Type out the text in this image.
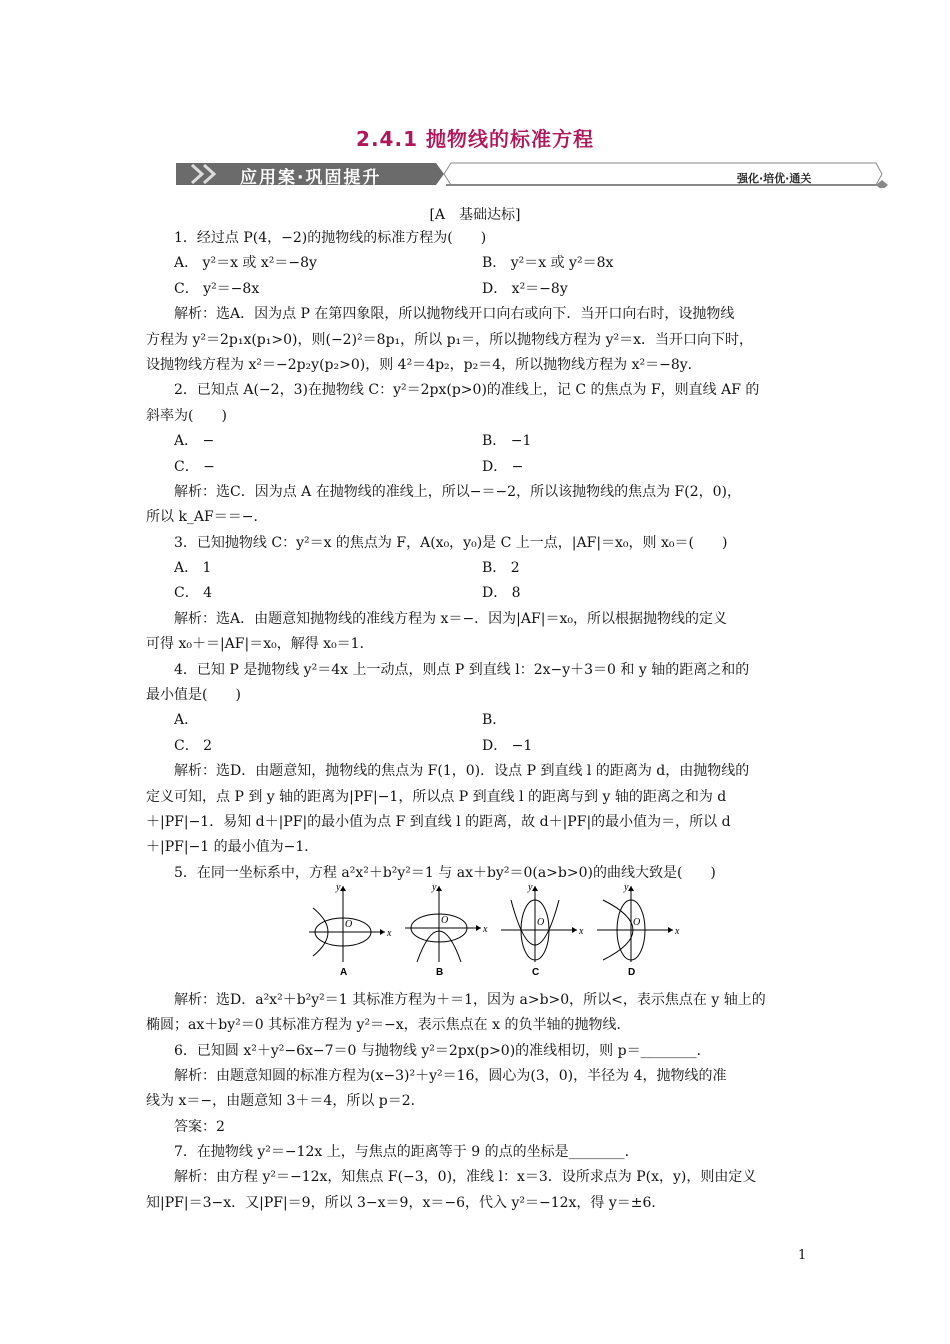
2.4.1 抛物线的标准方程
应用案·巩固提升	强化·培优·通关
[A　基础达标]
1．经过点 P(4，−2)的抛物线的标准方程为(　　)
A． y²＝x 或 x²＝−8y	B． y²＝x 或 y²＝8x
C． y²＝−8x	D． x²＝−8y
解析：选A．因为点 P 在第四象限，所以抛物线开口向右或向下．当开口向右时，设抛物线
方程为 y²＝2p₁x(p₁>0)，则(−2)²＝8p₁，所以 p₁＝，所以抛物线方程为 y²＝x．当开口向下时，
设抛物线方程为 x²＝−2p₂y(p₂>0)，则 4²＝4p₂，p₂＝4，所以抛物线方程为 x²＝−8y．
2．已知点 A(−2，3)在抛物线 C：y²＝2px(p>0)的准线上，记 C 的焦点为 F，则直线 AF 的
斜率为(　　)
A． −	B． −1
C． −	D． −
解析：选C．因为点 A 在抛物线的准线上，所以−＝−2，所以该抛物线的焦点为 F(2，0)，
所以 k_AF＝＝−．
3．已知抛物线 C：y²＝x 的焦点为 F，A(x₀，y₀)是 C 上一点，|AF|＝x₀，则 x₀＝(　　)
A． 1	B． 2
C． 4	D． 8
解析：选A．由题意知抛物线的准线方程为 x＝−．因为|AF|＝x₀，所以根据抛物线的定义
可得 x₀＋＝|AF|＝x₀，解得 x₀＝1．
4．已知 P 是抛物线 y²＝4x 上一动点，则点 P 到直线 l：2x−y＋3＝0 和 y 轴的距离之和的
最小值是(　　)
A．	B．
C． 2	D． −1
解析：选D．由题意知，抛物线的焦点为 F(1，0)．设点 P 到直线 l 的距离为 d，由抛物线的
定义可知，点 P 到 y 轴的距离为|PF|−1，所以点 P 到直线 l 的距离与到 y 轴的距离之和为 d
＋|PF|−1．易知 d＋|PF|的最小值为点 F 到直线 l 的距离，故 d＋|PF|的最小值为＝，所以 d
＋|PF|−1 的最小值为−1．
5．在同一坐标系中，方程 a²x²＋b²y²＝1 与 ax＋by²＝0(a>b>0)的曲线大致是(　　)
解析：选D．a²x²＋b²y²＝1 其标准方程为＋＝1，因为 a>b>0，所以<，表示焦点在 y 轴上的
椭圆；ax＋by²＝0 其标准方程为 y²＝−x，表示焦点在 x 的负半轴的抛物线．
6．已知圆 x²＋y²−6x−7＝0 与抛物线 y²＝2px(p>0)的准线相切，则 p＝________．
解析：由题意知圆的标准方程为(x−3)²＋y²＝16，圆心为(3，0)，半径为 4，抛物线的准
线为 x＝−，由题意知 3＋＝4，所以 p＝2．
答案：2
7．在抛物线 y²＝−12x 上，与焦点的距离等于 9 的点的坐标是________．
解析：由方程 y²＝−12x，知焦点 F(−3，0)，准线 l：x＝3．设所求点为 P(x，y)，则由定义
知|PF|＝3−x．又|PF|＝9，所以 3−x＝9，x＝−6，代入 y²＝−12x，得 y＝±6．
y
x
O
y
x
O
y
x
O
y
x
O
A	B	C	D
1
